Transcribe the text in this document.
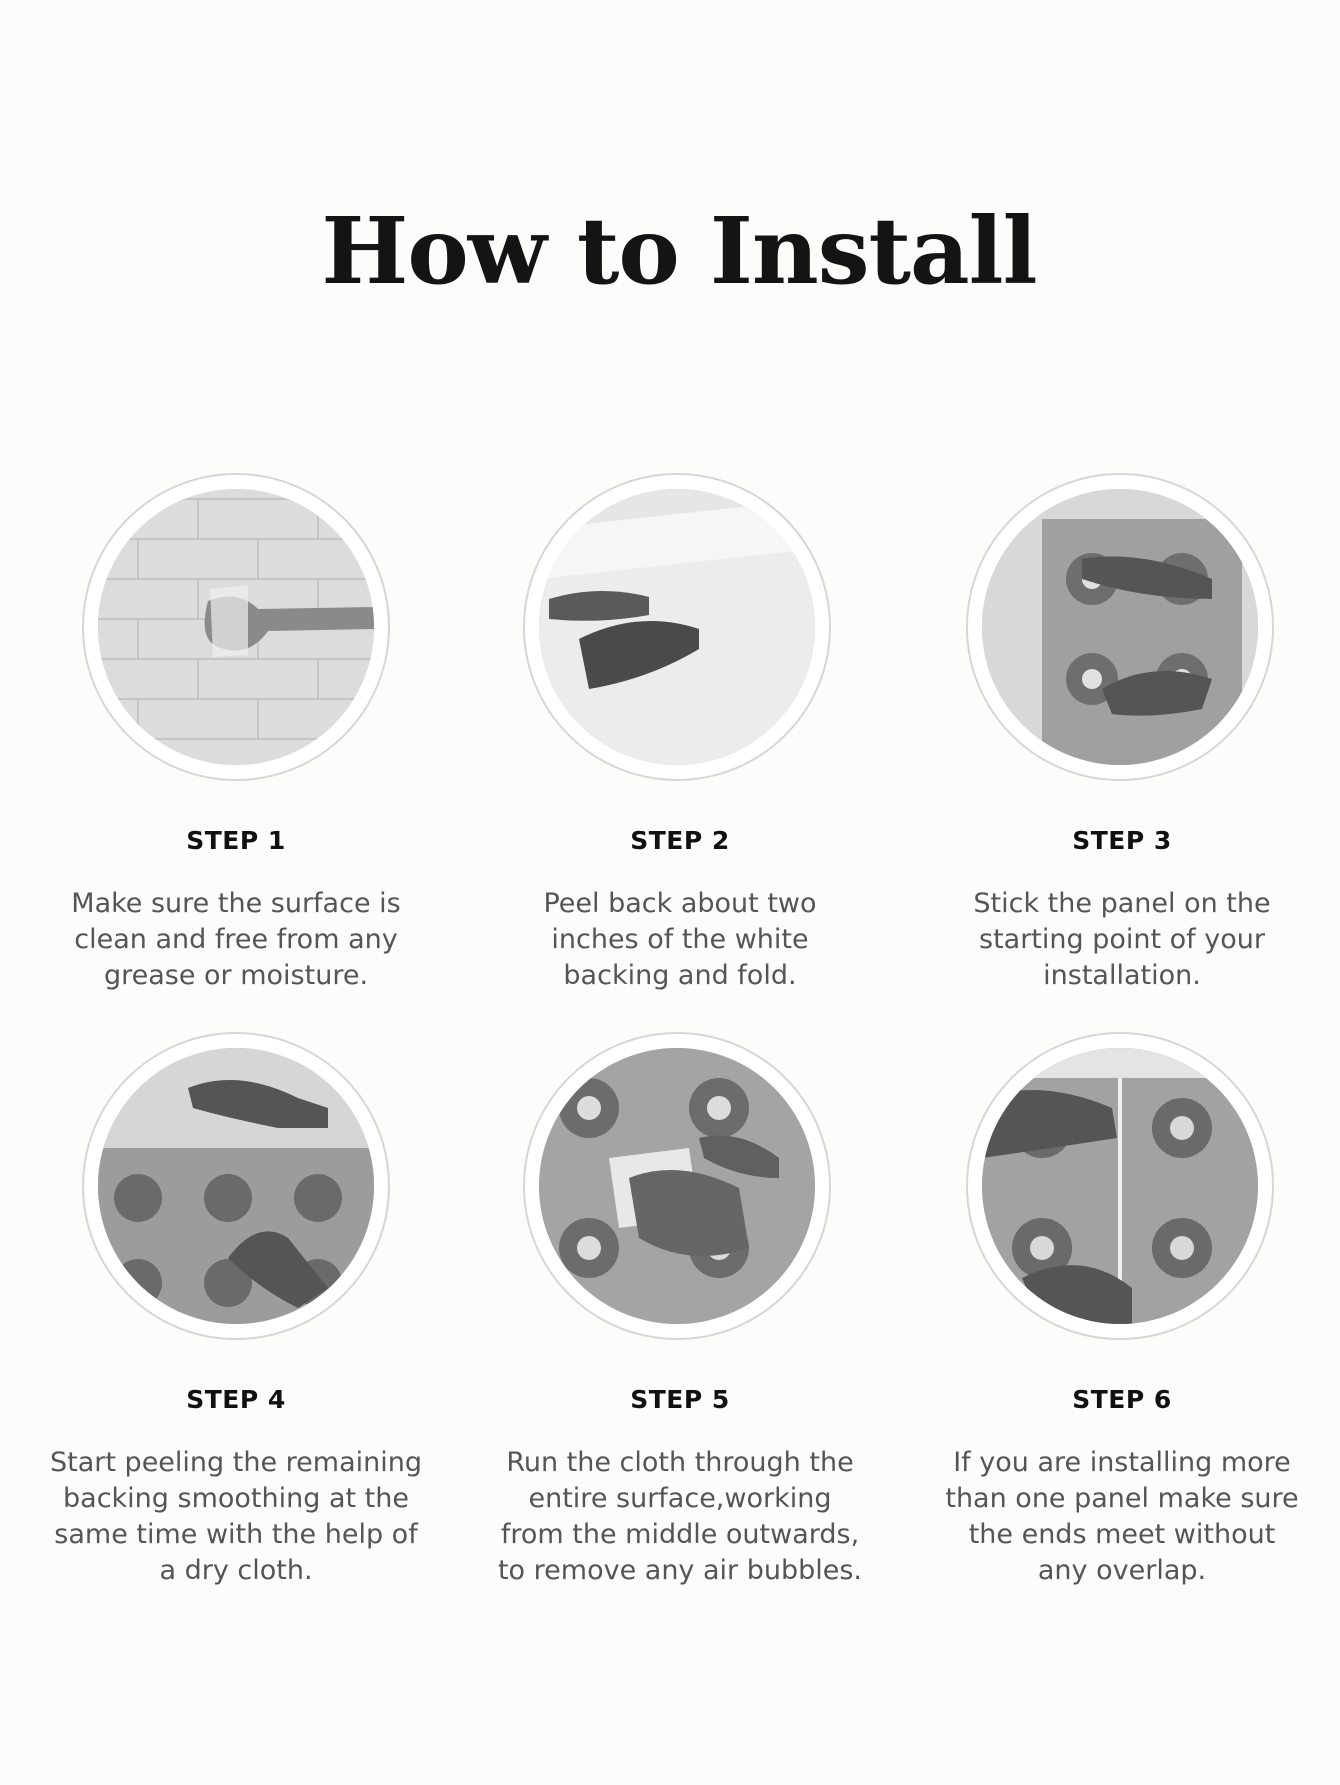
How to Install
STEP 1
Make sure the surface is
clean and free from any
grease or moisture.
STEP 2
Peel back about two
inches of the white
backing and fold.
STEP 3
Stick the panel on the
starting point of your
installation.
STEP 4
Start peeling the remaining
backing smoothing at the
same time with the help of
a dry cloth.
STEP 5
Run the cloth through the
entire surface,working
from the middle outwards,
to remove any air bubbles.
STEP 6
If you are installing more
than one panel make sure
the ends meet without
any overlap.
